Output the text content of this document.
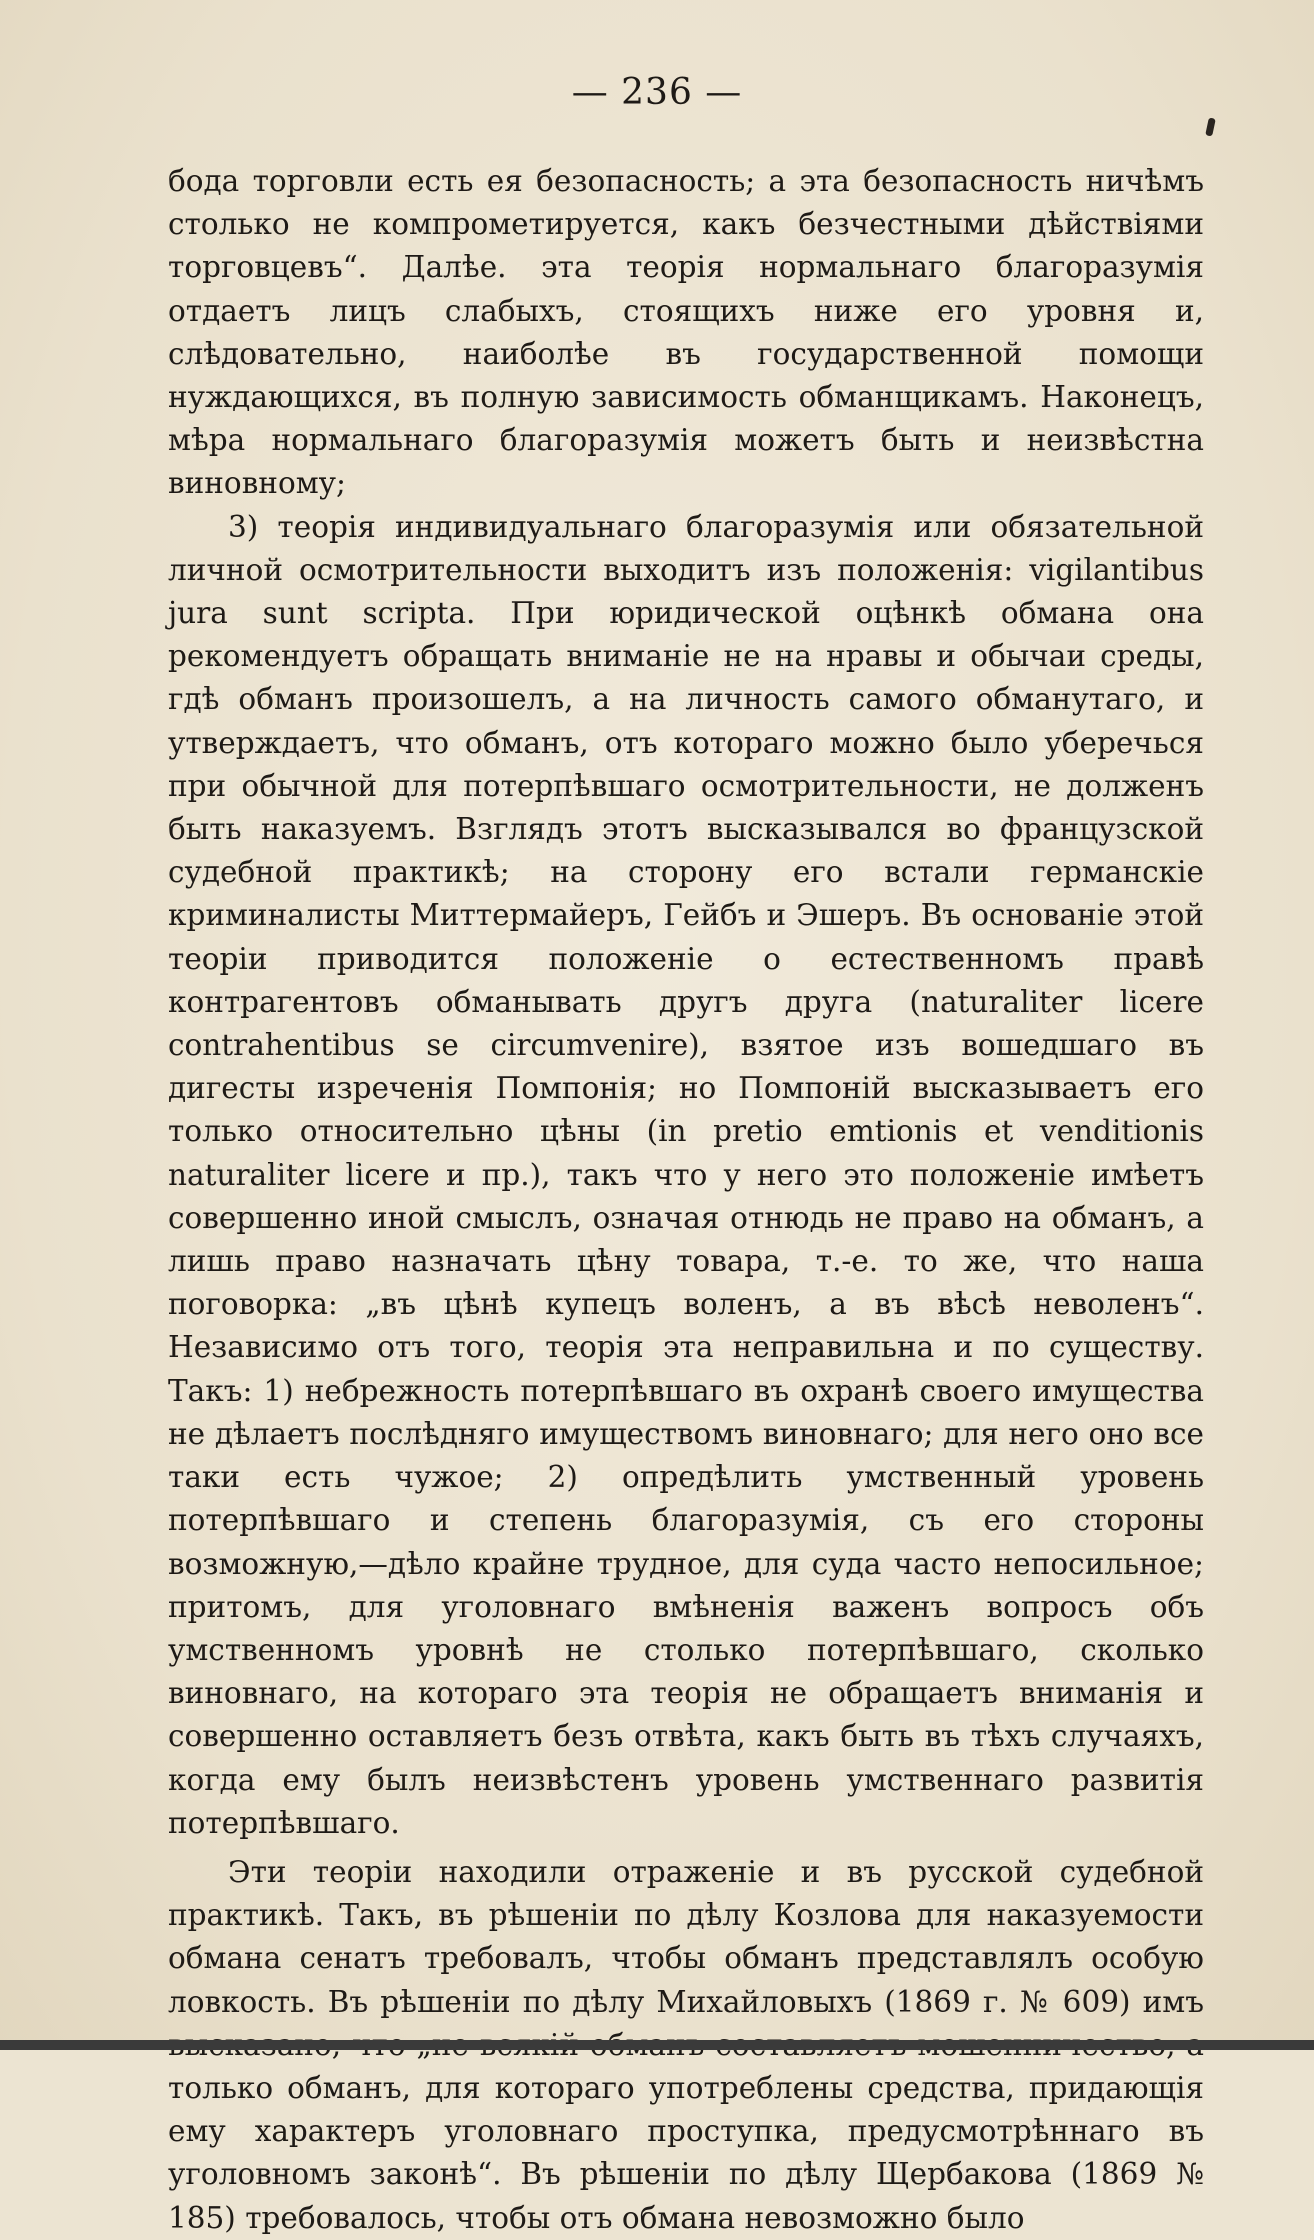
— 236 —

бода торговли есть ея безопасность; а эта безопасность ничѣмъ столько не компрометируется, какъ безчестными дѣйствіями торговцевъ“. Далѣе. эта теорія нормальнаго благоразумія отдаетъ лицъ слабыхъ, стоящихъ ниже его уровня и, слѣдовательно, наиболѣе въ государственной помощи нуждающихся, въ полную зависимость обманщикамъ. Наконецъ, мѣра нормальнаго благоразумія можетъ быть и неизвѣстна виновному;

3) теорія индивидуальнаго благоразумія или обязательной личной осмотрительности выходитъ изъ положенія: vigilantibus jura sunt scripta. При юридической оцѣнкѣ обмана она рекомендуетъ обращать вниманіе не на нравы и обычаи среды, гдѣ обманъ произошелъ, а на личность самого обманутаго, и утверждаетъ, что обманъ, отъ котораго можно было уберечься при обычной для потерпѣвшаго осмотрительности, не долженъ быть наказуемъ. Взглядъ этотъ высказывался во французской судебной практикѣ; на сторону его встали германскіе криминалисты Миттермайеръ, Гейбъ и Эшеръ. Въ основаніе этой теоріи приводится положеніе о естественномъ правѣ контрагентовъ обманывать другъ друга (naturaliter licere contrahentibus se circumvenire), взятое изъ вошедшаго въ дигесты изреченія Помпонія; но Помпоній высказываетъ его только относительно цѣны (in pretio emtionis et venditionis naturaliter licere и пр.), такъ что у него это положеніе имѣетъ совершенно иной смыслъ, означая отнюдь не право на обманъ, а лишь право назначать цѣну товара, т.-е. то же, что наша поговорка: „въ цѣнѣ купецъ воленъ, а въ вѣсѣ неволенъ“. Независимо отъ того, теорія эта неправильна и по существу. Такъ: 1) небрежность потерпѣвшаго въ охранѣ своего имущества не дѣлаетъ послѣдняго имуществомъ виновнаго; для него оно все таки есть чужое; 2) опредѣлить умственный уровень потерпѣвшаго и степень благоразумія, съ его стороны возможную,—дѣло крайне трудное, для суда часто непосильное; притомъ, для уголовнаго вмѣненія важенъ вопросъ объ умственномъ уровнѣ не столько потерпѣвшаго, сколько виновнаго, на котораго эта теорія не обращаетъ вниманія и совершенно оставляетъ безъ отвѣта, какъ быть въ тѣхъ случаяхъ, когда ему былъ неизвѣстенъ уровень умственнаго развитія потерпѣвшаго.

Эти теоріи находили отраженіе и въ русской судебной практикѣ. Такъ, въ рѣшеніи по дѣлу Козлова для наказуемости обмана сенатъ требовалъ, чтобы обманъ представлялъ особую ловкость. Въ рѣшеніи по дѣлу Михайловыхъ (1869 г. № 609) имъ только обманъ, для котораго употреблены средства, придающія ему характеръ уголовнаго проступка, предусмотрѣннаго въ уголовномъ законѣ“. Въ рѣшеніи по дѣлу Щербакова (1869 № 185) требовалось, чтобы отъ обмана невозможно было
